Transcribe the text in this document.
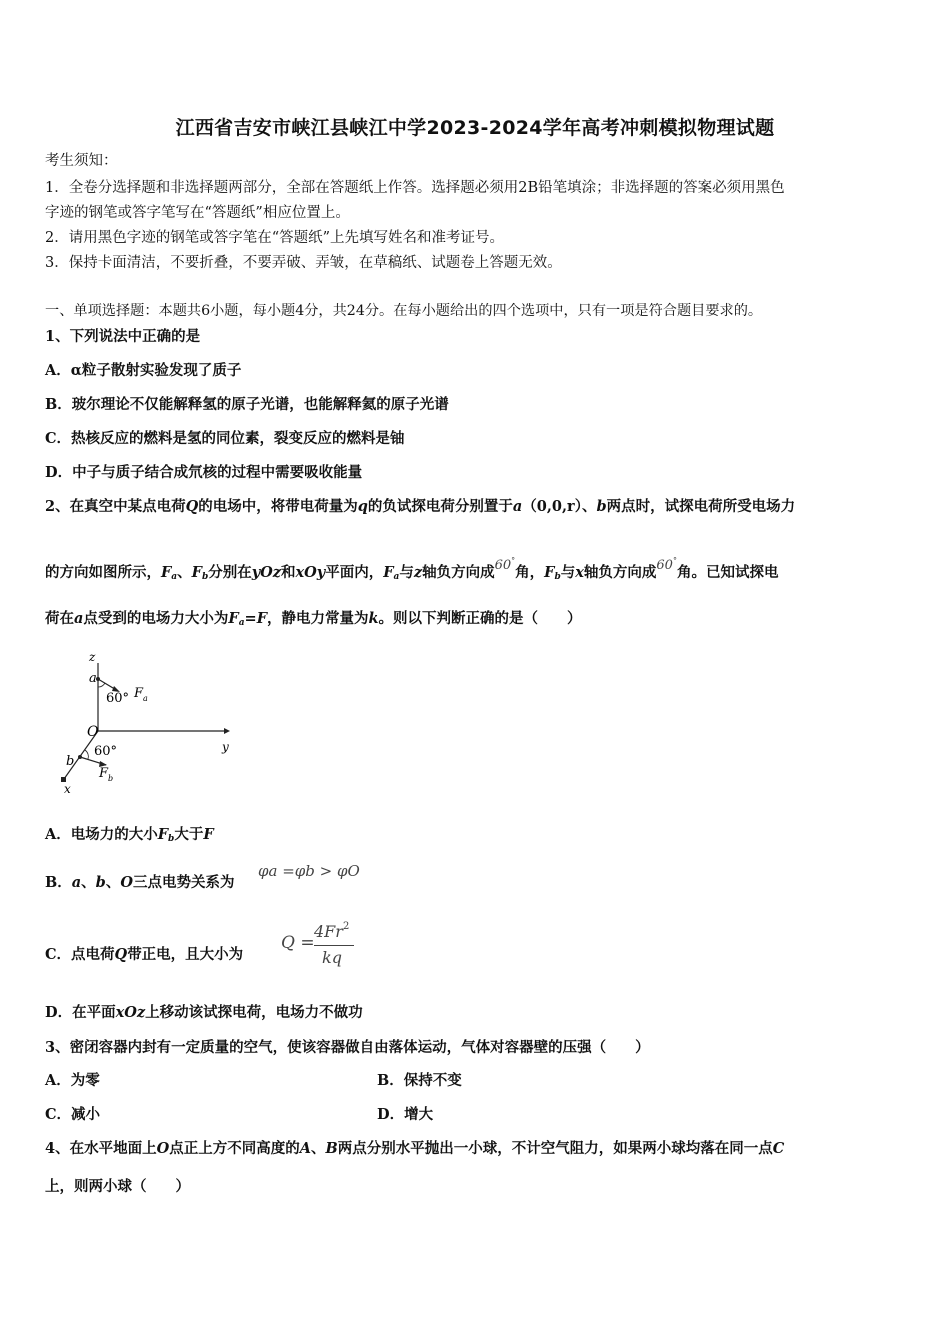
江西省吉安市峡江县峡江中学2023-2024学年高考冲刺模拟物理试题
考生须知：
1．全卷分选择题和非选择题两部分，全部在答题纸上作答。选择题必须用2B铅笔填涂；非选择题的答案必须用黑色
字迹的钢笔或答字笔写在“答题纸”相应位置上。
2．请用黑色字迹的钢笔或答字笔在“答题纸”上先填写姓名和准考证号。
3．保持卡面清洁，不要折叠，不要弄破、弄皱，在草稿纸、试题卷上答题无效。
一、单项选择题：本题共6小题，每小题4分，共24分。在每小题给出的四个选项中，只有一项是符合题目要求的。
1、下列说法中正确的是
A．α粒子散射实验发现了质子
B．玻尔理论不仅能解释氢的原子光谱，也能解释氦的原子光谱
C．热核反应的燃料是氢的同位素，裂变反应的燃料是铀
D．中子与质子结合成氘核的过程中需要吸收能量
2、在真空中某点电荷Q的电场中，将带电荷量为q的负试探电荷分别置于a（0,0,r）、b两点时，试探电荷所受电场力
的方向如图所示，$F_a$、$F_b$分别在yOz和xOy平面内，$F_a$与z轴负方向成60°角，$F_b$与x轴负方向成60°角。已知试探电
荷在a点受到的电场力大小为$F_a=F$，静电力常量为k。则以下判断正确的是（　　）
z
a
60° F a
O
y
60°
b
F b
x
A．电场力的大小$F_b$大于F
B．a、b、O三点电势关系为
φa =φb > φO
C．点电荷Q带正电，且大小为
Q =
$4Fr^2$
kq
D．在平面xOz上移动该试探电荷，电场力不做功
3、密闭容器内封有一定质量的空气，使该容器做自由落体运动，气体对容器壁的压强（　　）
A．为零	B．保持不变
C．减小	D．增大
4、在水平地面上O点正上方不同高度的A、B两点分别水平抛出一小球，不计空气阻力，如果两小球均落在同一点C
上，则两小球（　　）
